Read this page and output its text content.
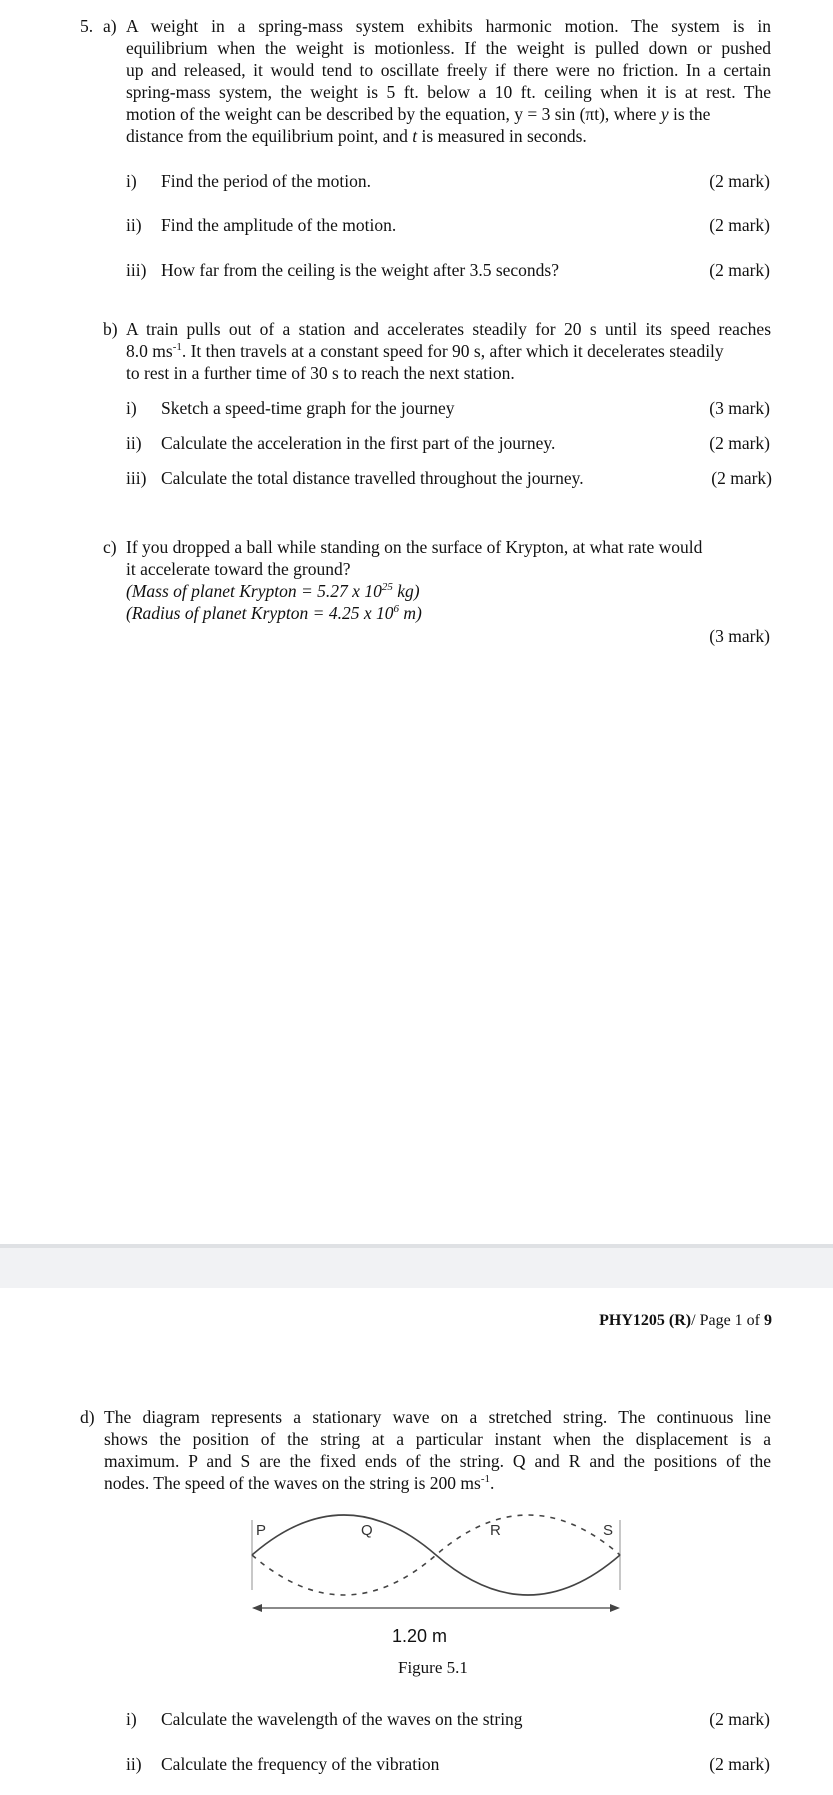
5. a) A weight in a spring-mass system exhibits harmonic motion. The system is in
equilibrium when the weight is motionless. If the weight is pulled down or pushed
up and released, it would tend to oscillate freely if there were no friction. In a certain
spring-mass system, the weight is 5 ft. below a 10 ft. ceiling when it is at rest. The
motion of the weight can be described by the equation, y = 3 sin (πt), where y is the
distance from the equilibrium point, and t is measured in seconds.
i) Find the period of the motion.	(2 mark)
ii) Find the amplitude of the motion.	(2 mark)
iii) How far from the ceiling is the weight after 3.5 seconds?	(2 mark)
b) A train pulls out of a station and accelerates steadily for 20 s until its speed reaches
8.0 $ms^{-1}$. It then travels at a constant speed for 90 s, after which it decelerates steadily
to rest in a further time of 30 s to reach the next station.
i) Sketch a speed-time graph for the journey	(3 mark)
ii) Calculate the acceleration in the first part of the journey.	(2 mark)
iii) Calculate the total distance travelled throughout the journey.	(2 mark)
c) If you dropped a ball while standing on the surface of Krypton, at what rate would
it accelerate toward the ground?
(Mass of planet Krypton = 5.27 x $10^{25}$ kg)
(Radius of planet Krypton = 4.25 x $10^6$ m)
(3 mark)
PHY1205 (R)/ Page 1 of 9
d) The diagram represents a stationary wave on a stretched string. The continuous line
shows the position of the string at a particular instant when the displacement is a
maximum. P and S are the fixed ends of the string. Q and R and the positions of the
nodes. The speed of the waves on the string is 200 $ms^{-1}$.
P	Q	R	S
1.20 m
Figure 5.1
i) Calculate the wavelength of the waves on the string	(2 mark)
ii) Calculate the frequency of the vibration	(2 mark)
